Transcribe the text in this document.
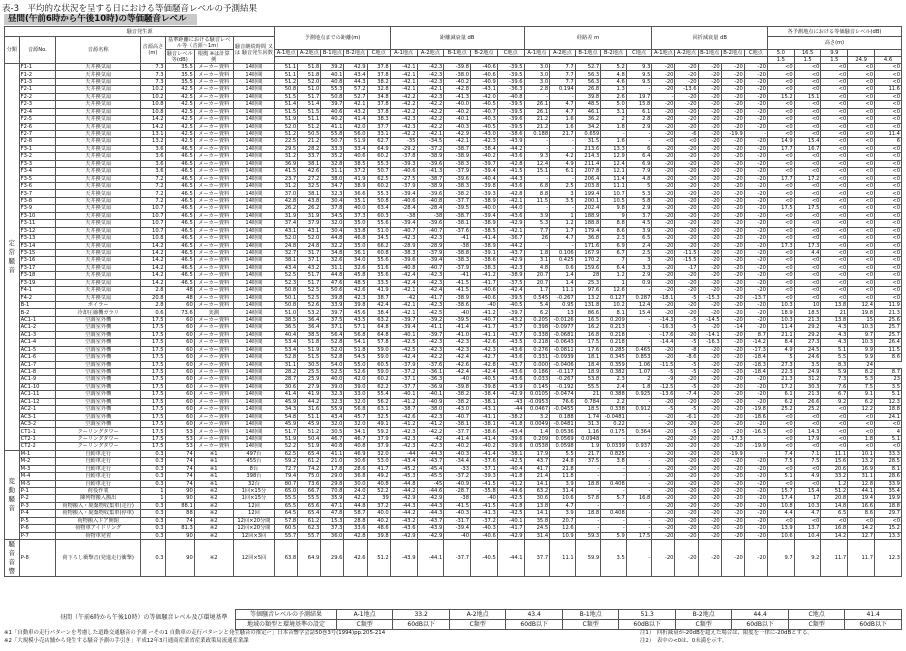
表-3　平均的な状況を呈する日における等価騒音レベルの予測結果
昼間(午前6時から午後10時)の等価騒音レベル
騒音発生源							予測地点までの距離(m)					距離減衰量 dB					経路差 m					回折減衰量 dB					各予測地点における等価騒音レベル(dB)				
分類	音源No.	音源名称	音源高さ(m)	基準距離における騒音レベル等（音源～1m）		騒音継続時間 又は 騒音発生回数																					高さ(m)				
				騒音レベル等(dB)	根拠 ※は計算例		A-1地点	A-2地点	B-1地点	B-2地点	C地点	A-1地点	A-2地点	B-1地点	B-2地点	C地点	A-1地点	A-2地点	B-1地点	B-2地点	C地点	A-1地点	A-2地点	B-1地点	B-2地点	C地点	5.0	16.5	9.9		
																											1.5	1.5	1.5	24.9	4.6
定常騒音	F1-1	天井換気扇	7.3	35.5	メーカー資料	14時間	51.1	51.8	39.2	42.9	37.8	-42.1	-42.3	-39.8	-40.6	-39.5	3.0	7.7	52.7	5.2	9.3	-20	-20	-20	-20	-20	<0	<0	<0	<0	<0
	F1-2	天井換気扇	7.3	35.5	メーカー資料	14時間	51.1	51.8	40.1	43.4	37.8	-42.1	-42.3	-38.0	-40.6	-39.5	3.0	7.7	56.3	4.8	9.5	-20	-20	-20	-20	-20	<0	<0	<0	<0	<0
	F1-3	天井換気扇	7.3	35.5	メーカー資料	14時間	51.2	52.0	40.8	44.3	38.2	-42.1	-42.3	-40.2	-40.9	-39.6	3.0	7.7	56.3	4.6	9.5	-20	-20	-20	-20	-20	<0	<0	<0	<0	<0
	F2-1	天井換気扇	10.2	42.5	メーカー資料	14時間	50.8	51.0	55.3	57.2	32.8	-42.1	-42.1	-42.8	-43.1	-36.3	2.8	0.194	26.8	1.3	-	-20	-13.6	-20	-20	-20	<0	<0	<0	<0	11.6
	F2-2	天井換気扇	10.2	42.5	メーカー資料	14時間	51.5	51.7	50.8	52.7	34.8	-42.2	-42.3	-41.3	-42.0	-40.8	-	-	39.8	2.6	19.7	-	-20	-20	-20	-20	15.2	15.1	<0	<0	<0
	F2-3	天井換気扇	10.8	42.5	メーカー資料	14時間	51.4	51.4	39.7	42.1	37.8	-42.2	-42.2	-40.0	-40.5	-39.5	26.1	4.7	48.5	5.0	15.8	-20	-20	-20	-20	-20	<0	<0	<0	<0	<0
	F2-4	天井換気扇	10.8	42.5	メーカー資料	14時間	51.5	51.5	40.6	43.2	37.8	-42.2	-42.2	-40.2	-40.7	-39.5	26.1	4.7	46.1	3.1	6.1	-20	-20	-20	-20	-20	<0	<0	<0	<0	<0
	F2-5	天井換気扇	14.2	42.5	メーカー資料	14時間	51.9	51.1	40.2	41.4	38.3	-42.3	-42.2	-40.1	-40.3	-39.6	21.2	1.6	36.2	2	2.8	-20	-20	-20	-20	-20	<0	<0	<0	<0	<0
	F2-6	天井換気扇	14.2	42.5	メーカー資料	14時間	52.0	51.2	41.1	42.0	37.7	-42.3	-42.2	-40.3	-40.5	-39.5	21.2	1.6	34.2	1.8	2.9	-20	-20	-20	-20	-20	<0	<0	<0	<0	<0
	F2-7	天井換気扇	13.1	42.5	メーカー資料	14時間	51.2	50.5	55.8	56.0	33.1	-42.2	-42.1	-42.9	-43.0	-38.6	0.188	21.7	0.659	-	-	-20	-6	-20	-19.9	-	<0	<0	<0	<0	11.4
	F2-8	天井換気扇	13.2	42.5	メーカー資料	14時間	22.5	21.2	50.7	51.9	62.7	-35	-34.5	-42.1	-42.3	-43.9	-	-	31.5	1.6	-	<0	<0	-20	-20	-20	14.9	15.4	<0	<0	6
	F3-1	天井換気扇	3.6	46.5	メーカー資料	14時間	29.5	28.2	33.3	33.4	64.9	-29.2	-37.2	-38.7	-38.4	-44.2	-	-	213.6	13.3	6	-20	-20	-20	-20	-20	17.7	16.7	<0	<0	<0
	F3-2	天井換気扇	3.6	46.5	メーカー資料	14時間	31.2	33.7	35.2	40.6	60.2	-37.8	-38.9	-38.9	-40.2	-43.6	9.3	4.2	214.3	12.9	6.4	-20	-20	-20	-20	-20	<0	<0	<0	<0	<0
	F3-3	天井換気扇	3.6	46.5	メーカー資料	14時間	36.9	38.1	32.8	38.5	55.3	-39.3	-39.6	-38.3	-39.7	-42.8	12.4	4.9	211.4	12.4	6.9	-20	-20	-20	-20	-20	<0	<0	<0	<0	<0
	F3-4	天井換気扇	3.6	46.5	メーカー資料	14時間	41.5	42.6	31.1	37.2	50.7	-40.6	-41.3	-37.9	-39.4	-41.5	15.1	6.1	207.8	12.1	7.9	-20	-20	-20	-20	-20	<0	<0	<0	<0	<0
	F3-5	天井換気扇	7.2	46.5	メーカー資料	14時間	23.7	27.2	38.0	41.9	62.5	-27.5	-38.7	-39.6	-40.4	-44.3	-	-	206.4	11.4	4.8	-20	-20	-20	-20	-20	17.7	17.2	<0	<0	<0
	F3-6	天井換気扇	7.2	46.5	メーカー資料	14時間	31.2	32.5	34.7	38.9	60.2	-37.9	-38.9	-38.3	-39.8	-43.6	6.8	2.5	203.8	11.1	5	-20	-20	-20	-20	-20	<0	<0	<0	<0	<0
	F3-7	天井換気扇	7.2	46.5	メーカー資料	14時間	37.0	38.1	32.3	36.6	55.3	-39.4	-39.6	-38.2	-39.3	-42.8	8.8	3	199.4	10.7	5.3	-20	-20	-20	-20	-20	<0	<0	<0	<0	<0
	F3-8	天井換気扇	7.2	46.5	メーカー資料	14時間	42.8	43.8	30.4	35.1	50.8	-40.6	-40.8	-37.7	-38.9	-42.1	11.5	3.5	200.1	10.5	5.8	-20	-20	-20	-20	-20	<0	<0	<0	<0	<0
	F3-9	天井換気扇	10.7	46.5	メーカー資料	14時間	26.2	26.2	37.8	40.0	63.4	-28.4	-28.4	-39.5	-40.0	-44.0	-	-	202.4	9.8	2.9	-20	-20	-20	-20	-20	17.5	17.5	<0	<0	<0
	F3-10	天井換気扇	10.7	46.5	メーカー資料	14時間	31.9	31.9	34.5	37.3	60.3	-38	-38	-38.7	-39.4	-43.6	3.9	1	188.9	9	3.7	-20	-20	-20	-20	-20	<0	<0	<0	<0	<0
	F3-11	天井換気扇	10.7	46.5	メーカー資料	14時間	37.4	37.9	32.0	35.0	55.6	-39.4	-39.6	-38.1	-38.9	-42.9	5.3	1.2	188.8	8.8	4.5	-20	-20	-20	-20	-20	<0	<0	<0	<0	<0
	F3-12	天井換気扇	10.7	46.5	メーカー資料	14時間	43.1	43.1	30.4	33.8	51.0	-40.7	-40.7	-37.6	-38.5	-42.1	7.7	1.7	179.4	8.6	3.9	-20	-20	-20	-20	-20	<0	<0	<0	<0	<0
	F3-13	天井換気扇	10.8	46.5	メーカー資料	14時間	52.0	52.0	44.8	46.8	34.5	-42.3	-42.3	-41	-41.4	-36.7	26	4.7	36.8	2.3	6.5	-20	-20	-20	-20	-20	<0	<0	<0	<0	<0
	F3-14	天井換気扇	14.2	46.5	メーカー資料	14時間	24.8	24.8	32.2	35.0	66.2	-28.9	-28.9	-38	-38.9	-44.2	-	-	171.6	6.9	2.4	-20	-20	-20	-20	-20	17.3	17.3	<0	<0	<0
	F3-15	天井換気扇	14.2	46.5	メーカー資料	14時間	32.7	31.7	34.8	36.1	60.8	-38.3	-37.9	-38.8	-39.1	-43.7	1.8	0.106	167.9	6.7	2.5	-20	-11.5	-20	-20	-20	<0	4.4	<0	<0	<0
	F3-16	天井換気扇	14.2	46.5	メーカー資料	14時間	38.1	37.1	32.6	34.0	55.6	-39.6	-39.4	-38.3	-38.6	-42.9	3.1	0.425	170.2	7	3	-20	-15.5	-20	-20	-20	<0	<0	<0	<0	<0
	F3-17	天井換気扇	14.2	46.5	メーカー資料	14時間	43.4	43.2	31.1	32.6	51.6	-40.8	-40.7	-37.9	-38.3	-42.3	4.8	0.6	159.6	6.4	3.3	-20	-17	-20	-20	-20	<0	<0	<0	<0	<0
	F3-18	天井換気扇	14.2	46.5	メーカー資料	14時間	52.5	51.7	44.8	45.8	35.6	-42.4	-42.3	-41	-41.2	-38.9	20.7	1.4	28	1.2	2.9	-20	-20	-20	-20	-20	<0	<0	<0	<0	<0
	F3-19	天井換気扇	14.2	46.5	メーカー資料	14時間	52.3	51.7	47.6	48.5	33.5	-42.4	-42.3	-41.5	-41.7	-37.5	20.7	1.4	25.3	1	0.9	-20	-20	-20	-20	-20	<0	<0	<0	<0	<0
	F4-1	天井換気扇	2.8	48	メーカー資料	14時間	50.8	52.5	50.6	42.6	41.9	-42.1	-42.4	-41.5	-40.6	-42.4	1.7	11.1	97.6	12.6	-	-20	-20	-20	-20	-20	<0	<0	<0	<0	<0
	F4-2	天井換気扇	20.8	48	メーカー資料	14時間	50.1	52.5	39.8	42.3	38.7	-42	-41.7	-38.9	-40.6	-39.5	0.545	-0.267	13.2	0.127	0.287	-18.1	-5	-15.3	-20	-13.7	<0	<0	<0	<0	<0
	B-1	ボイラー	2.8	60	メーカー資料	14時間	50.8	52.6	33.9	39.8	42.4	-42.1	-42.3	-38.6	-40	-40.5	5.4	0.95	131.8	10.2	12.4	-20	-20	-20	-20	-20	10.3	10	13.8	12.4	11.9
	B-2	冷却圧縮機ガラリ	0.6	73.6	実測	14時間	51.0	53.2	39.7	45.6	38.4	-42.1	-42.5	-40	-41.2	-39.7	6.2	13	86.6	8.1	15.4	-20	-20	-20	-20	-20	18.9	18.5	21	19.8	21.3
	AC1-1	空調室外機	17.5	60	メーカー資料	14時間	38.5	36.4	37.5	43.5	63.2	-39.7	-39.2	-39.5	-40.7	-43.2	0.205	-0.0126	16.5	0.209	-	-14.3	-5	-14.5	-20	-20	10.3	21.3	13.8	15	25.6
	AC1-2	空調室外機	17.5	60	メーカー資料	14時間	36.5	36.4	37.1	57.1	64.8	-39.4	-41.1	-41.4	-41.7	-43.7	0.398	-0.0977	16.2	0.213	-	-16.3	-5	-20	-14	-20	11.4	29.2	4.3	10.3	25.7
	AC1-3	空調室外機	17.5	60	メーカー資料	14時間	40.4	38.5	56.4	56.8	64.8	-40.1	-39.7	-41.0	-41.1	-43.7	0.338	-0.0681	16.8	0.218	-	-17.6	-20	-14.1	-20	8.7	21.1	29.2	4.3	9.7	25.7
	AC1-4	空調室外機	17.5	60	メーカー資料	14時間	53.4	51.8	52.8	54.1	57.8	-42.5	-42.3	-42.3	-42.6	-43.5	0.218	-0.0643	17.5	0.218	-	-14.4	-5	-16.3	-20	-14.2	8.4	27.3	4.3	10.3	26.4
	AC1-5	空調室外機	17.5	60	メーカー資料	14時間	53.4	51.9	52.0	51.8	59.0	-42.5	-42.3	-42.3	-42.3	-43.6	0.276	-0.0811	17.6	0.285	0.465	-20	-8	-20	-20	-17.3	4.9	24.5	5.1	9.9	11.5
	AC1-6	空調室外機	17.5	60	メーカー資料	14時間	52.8	51.5	52.8	54.5	59.0	-42.4	-42.2	-42.4	-42.7	-43.6	0.331	-0.0939	18.1	0.345	0.853	-20	-8.6	-20	-20	-18.4	5	24.6	5.5	9.9	8.6
	AC1-7	空調室外機	17.5	60	メーカー資料	14時間	31.1	30.5	54.0	55.0	60.5	-37.9	-37.6	-42.6	-42.8	-43.7	0.000	-0.0406	18.4	0.359	1.06	-11.5	-5	-20	-20	-18.3	27.3	3.5	8.3	24	
	AC1-8	空調室外機	17.5	60	メーカー資料	14時間	28.2	25.5	52.5	52.6	59.0	-37.2	-36.1	-42.4	-42.4	-43.6	0.186	-0.117	18.9	0.382	1.07	-5	-5	-20	-20	-18.4	22.3	24.9	5.9	8.2	8.7
	AC1-9	空調室外機	17.5	60	メーカー資料	14時間	28.7	25.9	40.0	42.0	60.2	-37.1	-36.3	-40	-40.5	-43.6	0.033	-0.267	53.8	2.3	2	-9	-20	-20	-20	-20	21.3	31.2	7.3	5.3	23
	AC1-10	空調室外機	17.5	60	メーカー資料	14時間	30.6	27.9	39.0	39.0	62.2	-37.7	-36.9	-39.8	-39.8	-43.9	0.145	-0.192	55.5	2.4	1.8	-12.5	-5	-20	-20	-20	17.2	30.3	7.6	7.5	3.5
	AC1-11	空調室外機	17.5	60	メーカー資料	14時間	41.4	41.9	32.3	33.0	55.4	-40.1	-40.1	-38.2	-38.4	-42.9	0.0105	-0.0474	21	0.388	0.925	-13.6	-7.4	-20	-20	-20	6.1	21.3	6.7	9.1	5.1
	AC1-12	空調室外機	17.5	60	メーカー資料	14時間	45.9	44.2	32.3	32.0	56.2	-41.2	-40.9	-38.2	-38.1	-43	-0.0953	76.6	0.784	2.2	-	-20	-20	-20	-20	-20	6.2	26.6	9.2	6.2	12.3
	AC2-1	空調室外機	17.5	60	メーカー資料	14時間	34.3	31.6	55.9	56.8	63.1	-38.7	-38.0	-43.0	-43.1	-44	0.0467	-0.0455	18.5	0.338	0.912	-5	-5	-20	-20	-19.8	25.2	25.2	<0	12.2	18.8
	AC3-1	空調室外機	17.5	60	メーカー資料	14時間	54.8	51.1	43.4	45.7	32.5	-42.6	-42.3	-40.7	-41.1	-38.2	3.2	0.188	1.74	-0.0481	-	-20	-6.1	-20	-20	-18.6	<0	<0	<0	<0	24.1
	AC3-2	空調室外機	17.5	60	メーカー資料	14時間	45.9	45.9	32.0	32.0	49.1	-41.2	-41.2	-38.1	-38.1	-41.8	0.0049	-0.0481	31.3	0.22	-	-20	-20	-20	-20	-20	<0	<0	<0	<0	<0
	CT1-1	クーリングタワー	17.5	53	メーカー資料	14時間	51.7	51.2	30.5	34.1	59.2	-42.3	-42.2	-37.7	-38.6	-43.4	1.4	0.0536	1.16	0.175	0.364	-20	-5	-20	-20	-16.3	<0	14.3	<0	<0	4
	CT2-1	クーリングタワー	17.5	53	メーカー資料	14時間	51.9	50.4	46.7	46.7	37.9	-42.3	-42	-41.4	-41.4	-39.6	0.209	0.0569	0.0948	-	-	-20	-20	-20	-17.3	-	<0	17.9	<0	1.8	5.1
	CT2-2	クーリングタワー	17.5	53	メーカー資料	14時間	52.2	51.9	40.8	40.8	37.9	-42.3	-42.3	-40.2	-40.2	-39.6	0.0538	0.0598	1.9	0.0339	0.937	-20	-20	-20	-20	-19.9	<0	<0	<0	<0	<0
変動騒音	M-1	自動車走行	0.3	74	※1	497台	62.5	65.4	41.1	46.9	32.0	-44	-44.3	-40.3	-41.4	-38.1	17.9	5.5	21.7	0.825	-	-20	-20	-20	-19.9	-	7.4	7.1	11.1	10.1	33.3
	M-2	自動車走行	0.3	74	※1	455台	59.2	61.2	21.0	30.6	53.0	-43.4	-43.7	-34.4	-37.6	-42.5	43.7	24.8	37.5	3.8	-	-20	-20	-20	-20	-20	7.5	7.5	15.6	13.2	28.5
	M-3	自動車走行	0.3	74	※1	8台	72.7	74.2	17.8	28.6	41.7	-45.2	-45.4	-33	-37.1	-40.4	41.7	21.8	-	-	-	-20	-20	-20	-20	-20	<0	<0	20.6	16.9	8.1
	M-4	自動車走行	0.3	74	※1	398台	79.4	75.0	29.0	36.8	49.2	-45.3	-45.5	-37.2	-39.3	-41.8	21.4	11.8	-	-	-	-20	-20	-20	-20	-20	5.1	4.9	33.2	31.1	28.6
	M-5	自動車走行	0.3	74	※1	32台	80.7	73.6	29.8	30.0	40.8	-44.8	-45	-40.9	-41.5	-41.2	14.1	3.9	18.8	0.408	-	-20	-20	-20	-20	-20	<0	<0	1.2	12.8	33.9
	P-1	荷役作業	1	90	※2	1回×15分	65.0	66.7	70.8	24.0	52.2	-44.2	-44.6	-28.7	-35.8	-44.6	63.2	31.4	-	-	-	-20	-20	-20	-20	-20	15.7	15.4	51.2	44.1	35.4
	P-2	陳列物搬入搬出	1	90	※2	1回×15分	55.5	55.5	35.9	42.2	39	-42.9	-42.9	-38	-40	-42.5	30.6	10.6	57.8	5.7	16.8	-20	-20	-20	-20	-20	17.4	17	20.8	19.4	19.9
	P-3	荷物搬入・廃棄物収集車(走行)	0.3	88.1	※2	12回	65.5	65.6	47.1	44.8	37.2	-44.3	-44.3	-41.5	-41.5	-41.8	13.8	4.7	-	-	-	-20	-20	-20	-20	-20	10.8	10.3	14.8	16.6	18.8
	P-4	荷物搬入・廃棄物収集車(停車)	0.3	88	※2	12回	64.5	65.4	47.8	58.7	40.0	-44.2	-44.3	-40.3	-41.3	-42.5	14.1	3.9	18.8	0.408	-	-20	-20	-20	-20	-20	4.4	4.7	6.5	8.6	29.7
	P-5	荷物搬入ドア開閉	0.3	74	※2	12回×20分間	57.8	61.2	15.3	28.8	40.2	-43.2	-43.7	-31.7	-37.2	-40.1	35.8	20.7	-	-	-	-20	-20	-20	-20	-20	<0	<0	<0	<0	<0
	P-6	荷物車アイドリング	0.3	81.3	※2	12回×20分間	60.5	62.3	37.3	33.6	48.6	-43.6	-43.9	-39.4	-40.3	-41.7	24.5	12.6	-	-	-	-20	-20	-20	-20	-20	13.9	13.7	16.8	14.2	15.2
	P-7	荷物車発着	0.3	90	※2	12回×3回	55.7	55.7	36.0	42.8	39.8	-42.9	-42.9	-40	-40.6	-42.9	31.4	10.9	59.3	5.9	17.5	-20	-20	-20	-20	-20	10.6	10.4	14.2	12.7	13.3
騒音音響	P-8	荷下ろし衝撃音(発進走行衝撃)	0.3	90	※2	12回×5回	63.8	64.9	29.6	42.6	51.2	-43.9	-44.1	-37.7	-40.5	-44.1	37.7	11.1	59.9	3.5	-	-20	-20	-20	-20	-20	9.7	9.2	11.7	11.7	12.3
等価騒音レベルの予測結果	A-1地点	33.2	A-2地点	43.4	B-1地点	51.3	B-2地点	44.4	C地点	41.4
地域の類型と環境基準の設定	C類型	60dB以下	C類型	60dB以下	C類型	60dB以下	C類型	60dB以下	C類型	60dB以下
昼間（午前6時から午後10時）の等価騒音レベル及び環境基準
※1「自動車の走行パターンを考慮した道路交通騒音の予測 ーその1 自動車の走行パターンと発生騒音の推定ー」日本音響学会誌50巻3号(1994)pp.205-214
※2「大規模小売店舗から発生する騒音予測の手引き」平成12年3月通商産業省産業政策局流通産業課
注1）　回折減衰が-20dBを超えた場合は、限度を一律に-20dBとする。
注2）　表中の<0は、0未満を示す。
